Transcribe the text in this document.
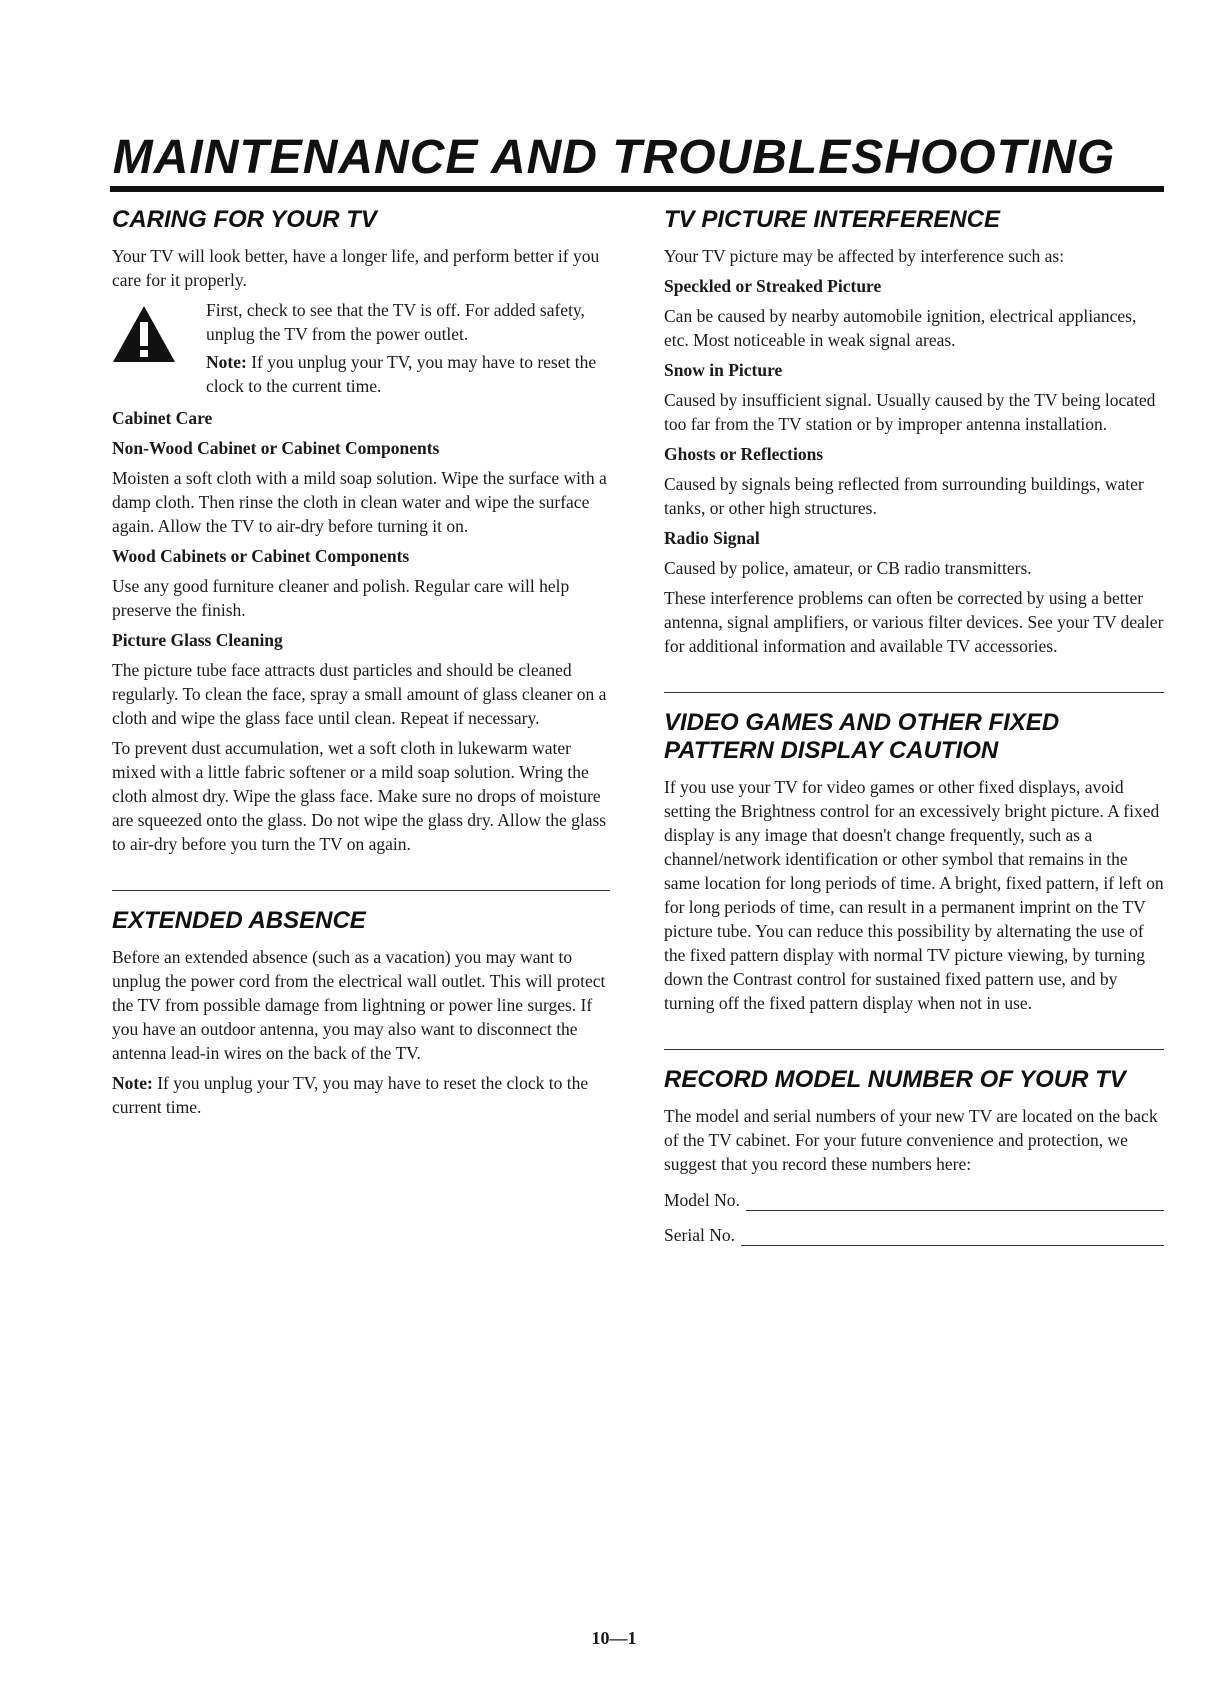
MAINTENANCE AND TROUBLESHOOTING
CARING FOR YOUR TV

Your TV will look better, have a longer life, and perform better if you care for it properly.

First, check to see that the TV is off. For added safety, unplug the TV from the power outlet.

Note: If you unplug your TV, you may have to reset the clock to the current time.

Cabinet Care
Non-Wood Cabinet or Cabinet Components

Moisten a soft cloth with a mild soap solution. Wipe the surface with a damp cloth. Then rinse the cloth in clean water and wipe the surface again. Allow the TV to air-dry before turning it on.

Wood Cabinets or Cabinet Components

Use any good furniture cleaner and polish. Regular care will help preserve the finish.

Picture Glass Cleaning

The picture tube face attracts dust particles and should be cleaned regularly. To clean the face, spray a small amount of glass cleaner on a cloth and wipe the glass face until clean. Repeat if necessary.

To prevent dust accumulation, wet a soft cloth in lukewarm water mixed with a little fabric softener or a mild soap solution. Wring the cloth almost dry. Wipe the glass face. Make sure no drops of moisture are squeezed onto the glass. Do not wipe the glass dry. Allow the glass to air-dry before you turn the TV on again.

EXTENDED ABSENCE

Before an extended absence (such as a vacation) you may want to unplug the power cord from the electrical wall outlet. This will protect the TV from possible damage from lightning or power line surges. If you have an outdoor antenna, you may also want to disconnect the antenna lead-in wires on the back of the TV.

Note: If you unplug your TV, you may have to reset the clock to the current time.

TV PICTURE INTERFERENCE

Your TV picture may be affected by interference such as:

Speckled or Streaked Picture

Can be caused by nearby automobile ignition, electrical appliances, etc. Most noticeable in weak signal areas.

Snow in Picture

Caused by insufficient signal. Usually caused by the TV being located too far from the TV station or by improper antenna installation.

Ghosts or Reflections

Caused by signals being reflected from surrounding buildings, water tanks, or other high structures.

Radio Signal

Caused by police, amateur, or CB radio transmitters.

These interference problems can often be corrected by using a better antenna, signal amplifiers, or various filter devices. See your TV dealer for additional information and available TV accessories.

VIDEO GAMES AND OTHER FIXED PATTERN DISPLAY CAUTION

If you use your TV for video games or other fixed displays, avoid setting the Brightness control for an excessively bright picture. A fixed display is any image that doesn't change frequently, such as a channel/network identification or other symbol that remains in the same location for long periods of time. A bright, fixed pattern, if left on for long periods of time, can result in a permanent imprint on the TV picture tube. You can reduce this possibility by alternating the use of the fixed pattern display with normal TV picture viewing, by turning down the Contrast control for sustained fixed pattern use, and by turning off the fixed pattern display when not in use.

RECORD MODEL NUMBER OF YOUR TV

The model and serial numbers of your new TV are located on the back of the TV cabinet. For your future convenience and protection, we suggest that you record these numbers here:

Model No.
Serial No.
10—1
